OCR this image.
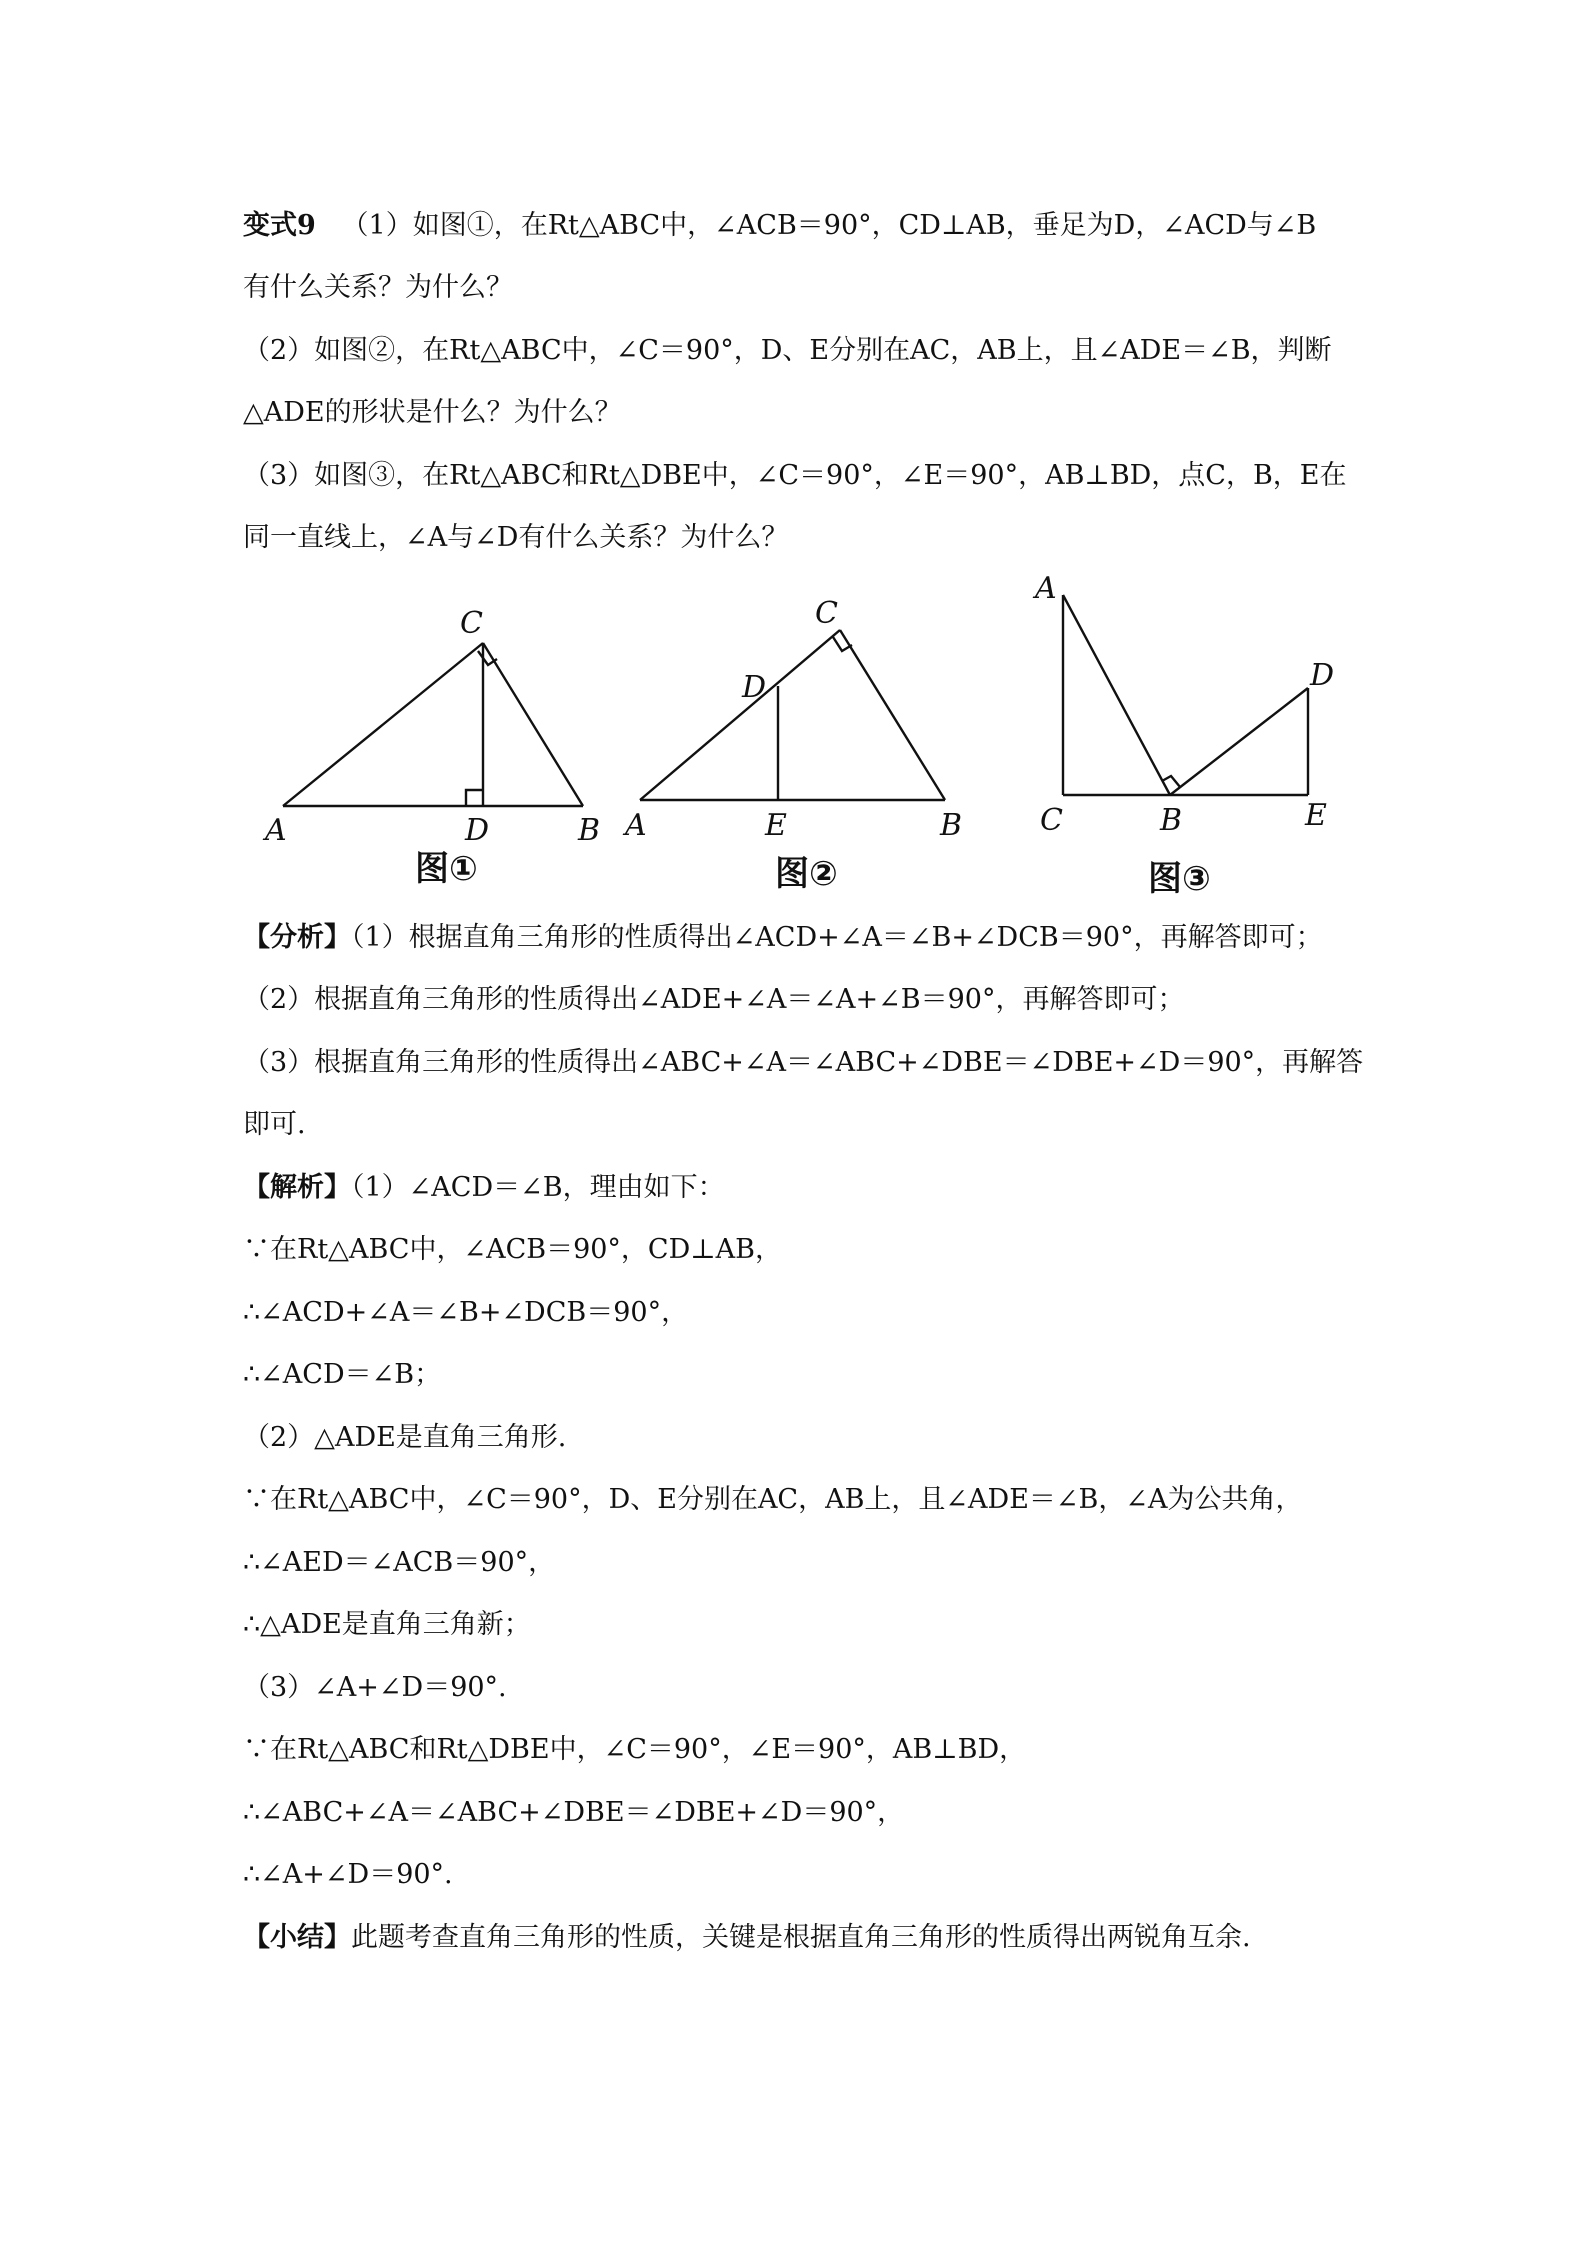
变式9 （1）如图①，在Rt△ABC中，∠ACB＝90°，CD⊥AB，垂足为D，∠ACD与∠B
有什么关系？为什么？
（2）如图②，在Rt△ABC中，∠C＝90°，D、E分别在AC，AB上，且∠ADE＝∠B，判断
△ADE的形状是什么？为什么？
（3）如图③，在Rt△ABC和Rt△DBE中，∠C＝90°，∠E＝90°，AB⊥BD，点C，B，E在
同一直线上，∠A与∠D有什么关系？为什么？
A
C
D	B
图①
A
C
D
E	B
图②
A
C	B
D
E
图③
【分析】（1）根据直角三角形的性质得出∠ACD+∠A＝∠B+∠DCB＝90°，再解答即可；
（2）根据直角三角形的性质得出∠ADE+∠A＝∠A+∠B＝90°，再解答即可；
（3）根据直角三角形的性质得出∠ABC+∠A＝∠ABC+∠DBE＝∠DBE+∠D＝90°，再解答
即可.
【解析】（1）∠ACD＝∠B，理由如下：
∵在Rt△ABC中，∠ACB＝90°，CD⊥AB，
∴∠ACD+∠A＝∠B+∠DCB＝90°，
∴∠ACD＝∠B；
（2）△ADE是直角三角形.
∵在Rt△ABC中，∠C＝90°，D、E分别在AC，AB上，且∠ADE＝∠B，∠A为公共角，
∴∠AED＝∠ACB＝90°，
∴△ADE是直角三角新；
（3）∠A+∠D＝90°.
∵在Rt△ABC和Rt△DBE中，∠C＝90°，∠E＝90°，AB⊥BD，
∴∠ABC+∠A＝∠ABC+∠DBE＝∠DBE+∠D＝90°，
∴∠A+∠D＝90°.
【小结】此题考查直角三角形的性质，关键是根据直角三角形的性质得出两锐角互余.
